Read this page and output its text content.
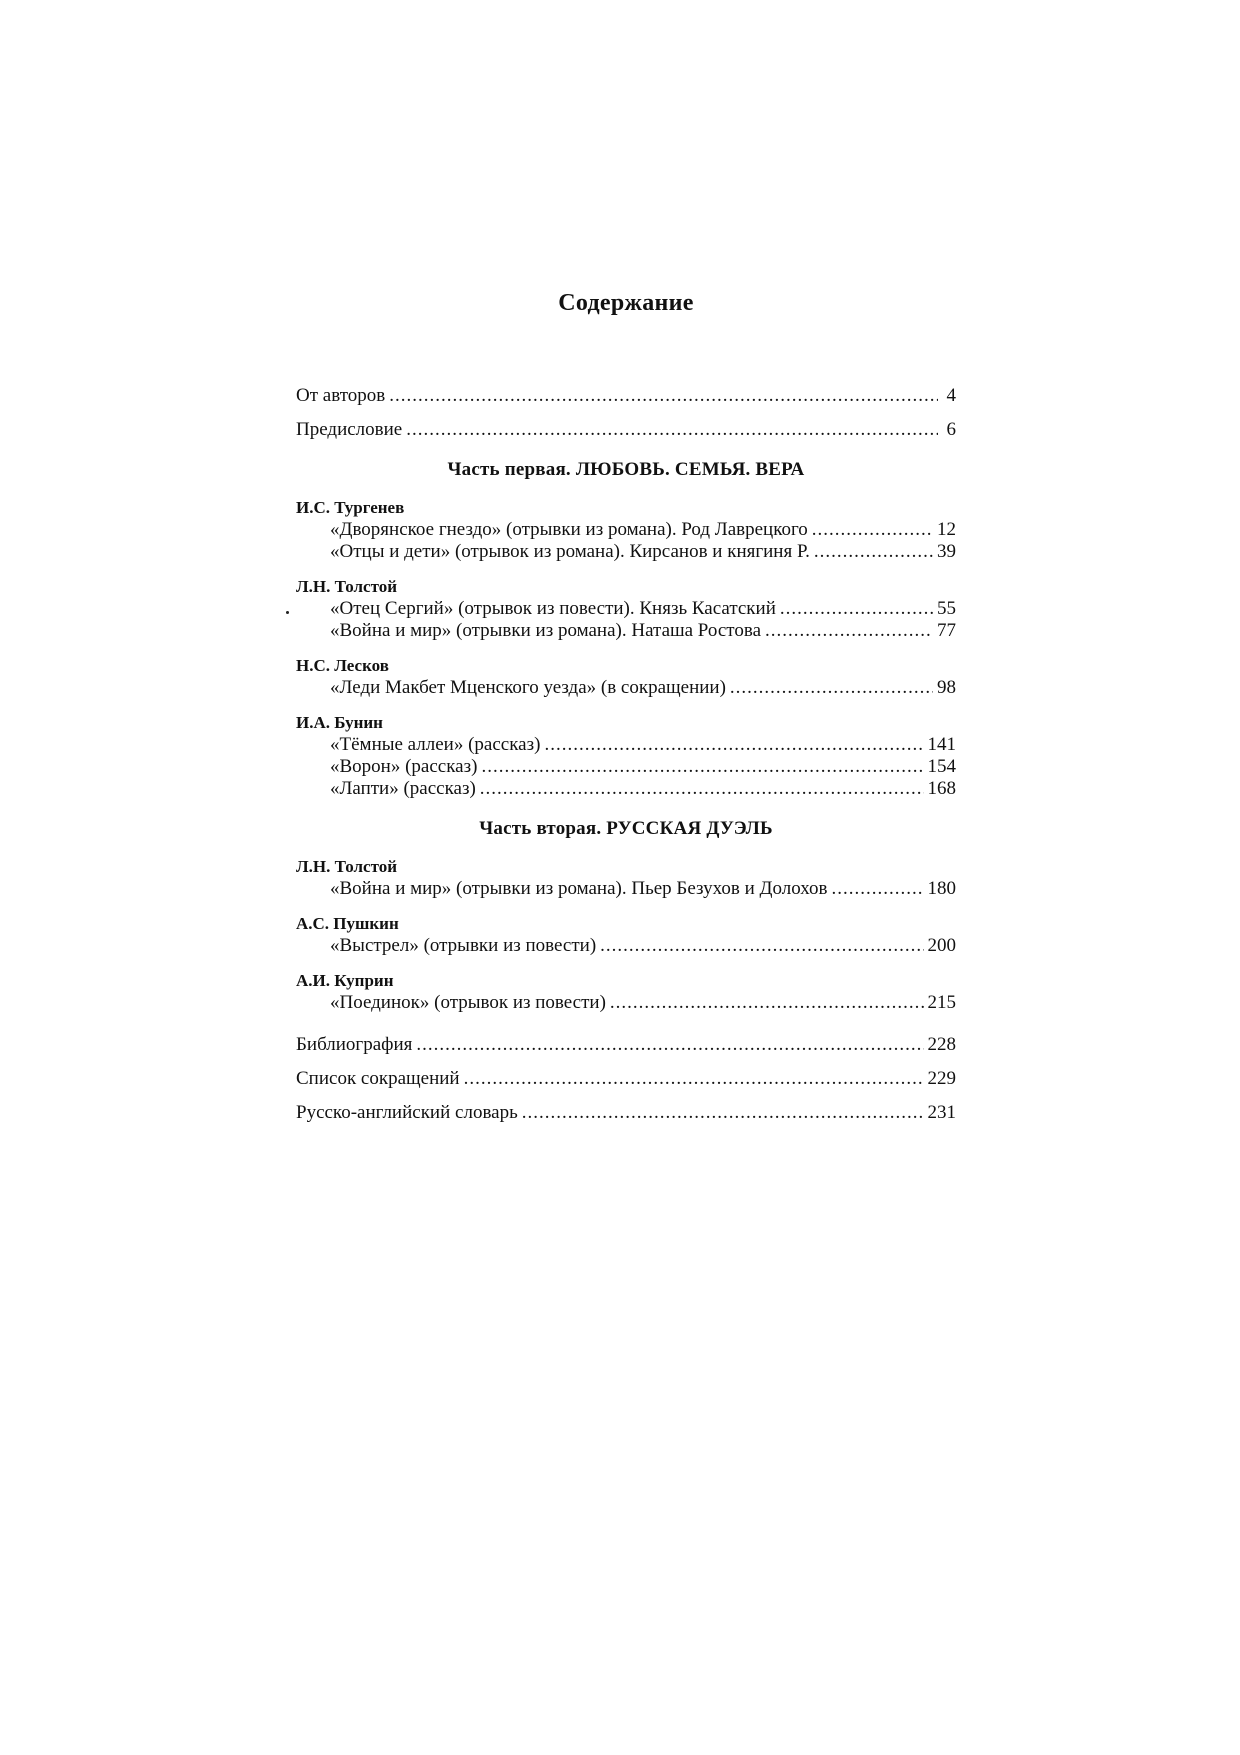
Содержание
От авторов .....	4
Предисловие .....	6
Часть первая. ЛЮБОВЬ. СЕМЬЯ. ВЕРА
И.С. Тургенев
«Дворянское гнездо» (отрывки из романа). Род Лаврецкого .....	12
«Отцы и дети» (отрывок из романа). Кирсанов и княгиня Р. .....	39
Л.Н. Толстой
«Отец Сергий» (отрывок из повести). Князь Касатский .....	55
«Война и мир» (отрывки из романа). Наташа Ростова .....	77
Н.С. Лесков
«Леди Макбет Мценского уезда» (в сокращении) .....	98
И.А. Бунин
«Тёмные аллеи» (рассказ) .....	141
«Ворон» (рассказ) .....	154
«Лапти» (рассказ) .....	168
Часть вторая. РУССКАЯ ДУЭЛЬ
Л.Н. Толстой
«Война и мир» (отрывки из романа). Пьер Безухов и Долохов .....	180
А.С. Пушкин
«Выстрел» (отрывки из повести) .....	200
А.И. Куприн
«Поединок» (отрывок из повести) .....	215
Библиография .....	228
Список сокращений .....	229
Русско-английский словарь .....	231
